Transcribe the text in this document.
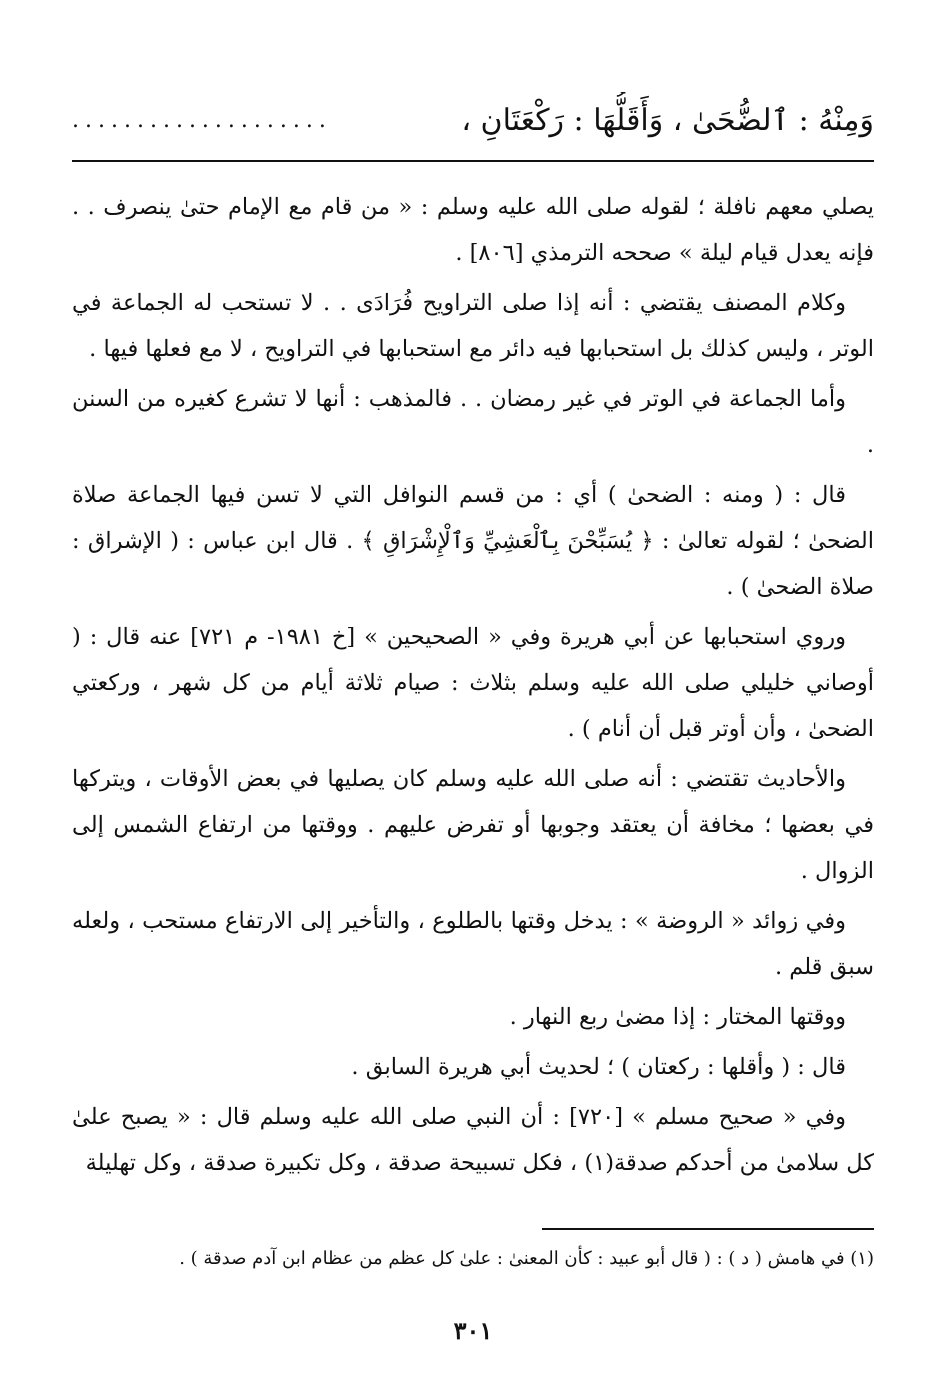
وَمِنْهُ : ٱلضُّحَىٰ ، وَأَقَلُّهَا : رَكْعَتَانِ ،
....................

يصلي معهم نافلة ؛ لقوله صلى الله عليه وسلم : « من قام مع الإمام حتىٰ ينصرف . . فإنه يعدل قيام ليلة » صححه الترمذي [٨٠٦] .

وكلام المصنف يقتضي : أنه إذا صلى التراويح فُرَادَى . . لا تستحب له الجماعة في الوتر ، وليس كذلك بل استحبابها فيه دائر مع استحبابها في التراويح ، لا مع فعلها فيها .

وأما الجماعة في الوتر في غير رمضان . . فالمذهب : أنها لا تشرع كغيره من السنن .

قال : ( ومنه : الضحىٰ ) أي : من قسم النوافل التي لا تسن فيها الجماعة صلاة الضحىٰ ؛ لقوله تعالىٰ : ﴿ يُسَبِّحْنَ بِٱلْعَشِيِّ وَٱلْإِشْرَاقِ ﴾ . قال ابن عباس : ( الإشراق : صلاة الضحىٰ ) .

وروي استحبابها عن أبي هريرة وفي « الصحيحين » [خ ١٩٨١- م ٧٢١] عنه قال : ( أوصاني خليلي صلى الله عليه وسلم بثلاث : صيام ثلاثة أيام من كل شهر ، وركعتي الضحىٰ ، وأن أوتر قبل أن أنام ) .

والأحاديث تقتضي : أنه صلى الله عليه وسلم كان يصليها في بعض الأوقات ، ويتركها في بعضها ؛ مخافة أن يعتقد وجوبها أو تفرض عليهم . ووقتها من ارتفاع الشمس إلى الزوال .

وفي زوائد « الروضة » : يدخل وقتها بالطلوع ، والتأخير إلى الارتفاع مستحب ، ولعله سبق قلم .

ووقتها المختار : إذا مضىٰ ربع النهار .

قال : ( وأقلها : ركعتان ) ؛ لحديث أبي هريرة السابق .

وفي « صحيح مسلم » [٧٢٠] : أن النبي صلى الله عليه وسلم قال : « يصبح علىٰ كل سلامىٰ من أحدكم صدقة(١) ، فكل تسبيحة صدقة ، وكل تكبيرة صدقة ، وكل تهليلة

(١) في هامش ( د ) : ( قال أبو عبيد : كأن المعنىٰ : علىٰ كل عظم من عظام ابن آدم صدقة ) .
٣٠١
